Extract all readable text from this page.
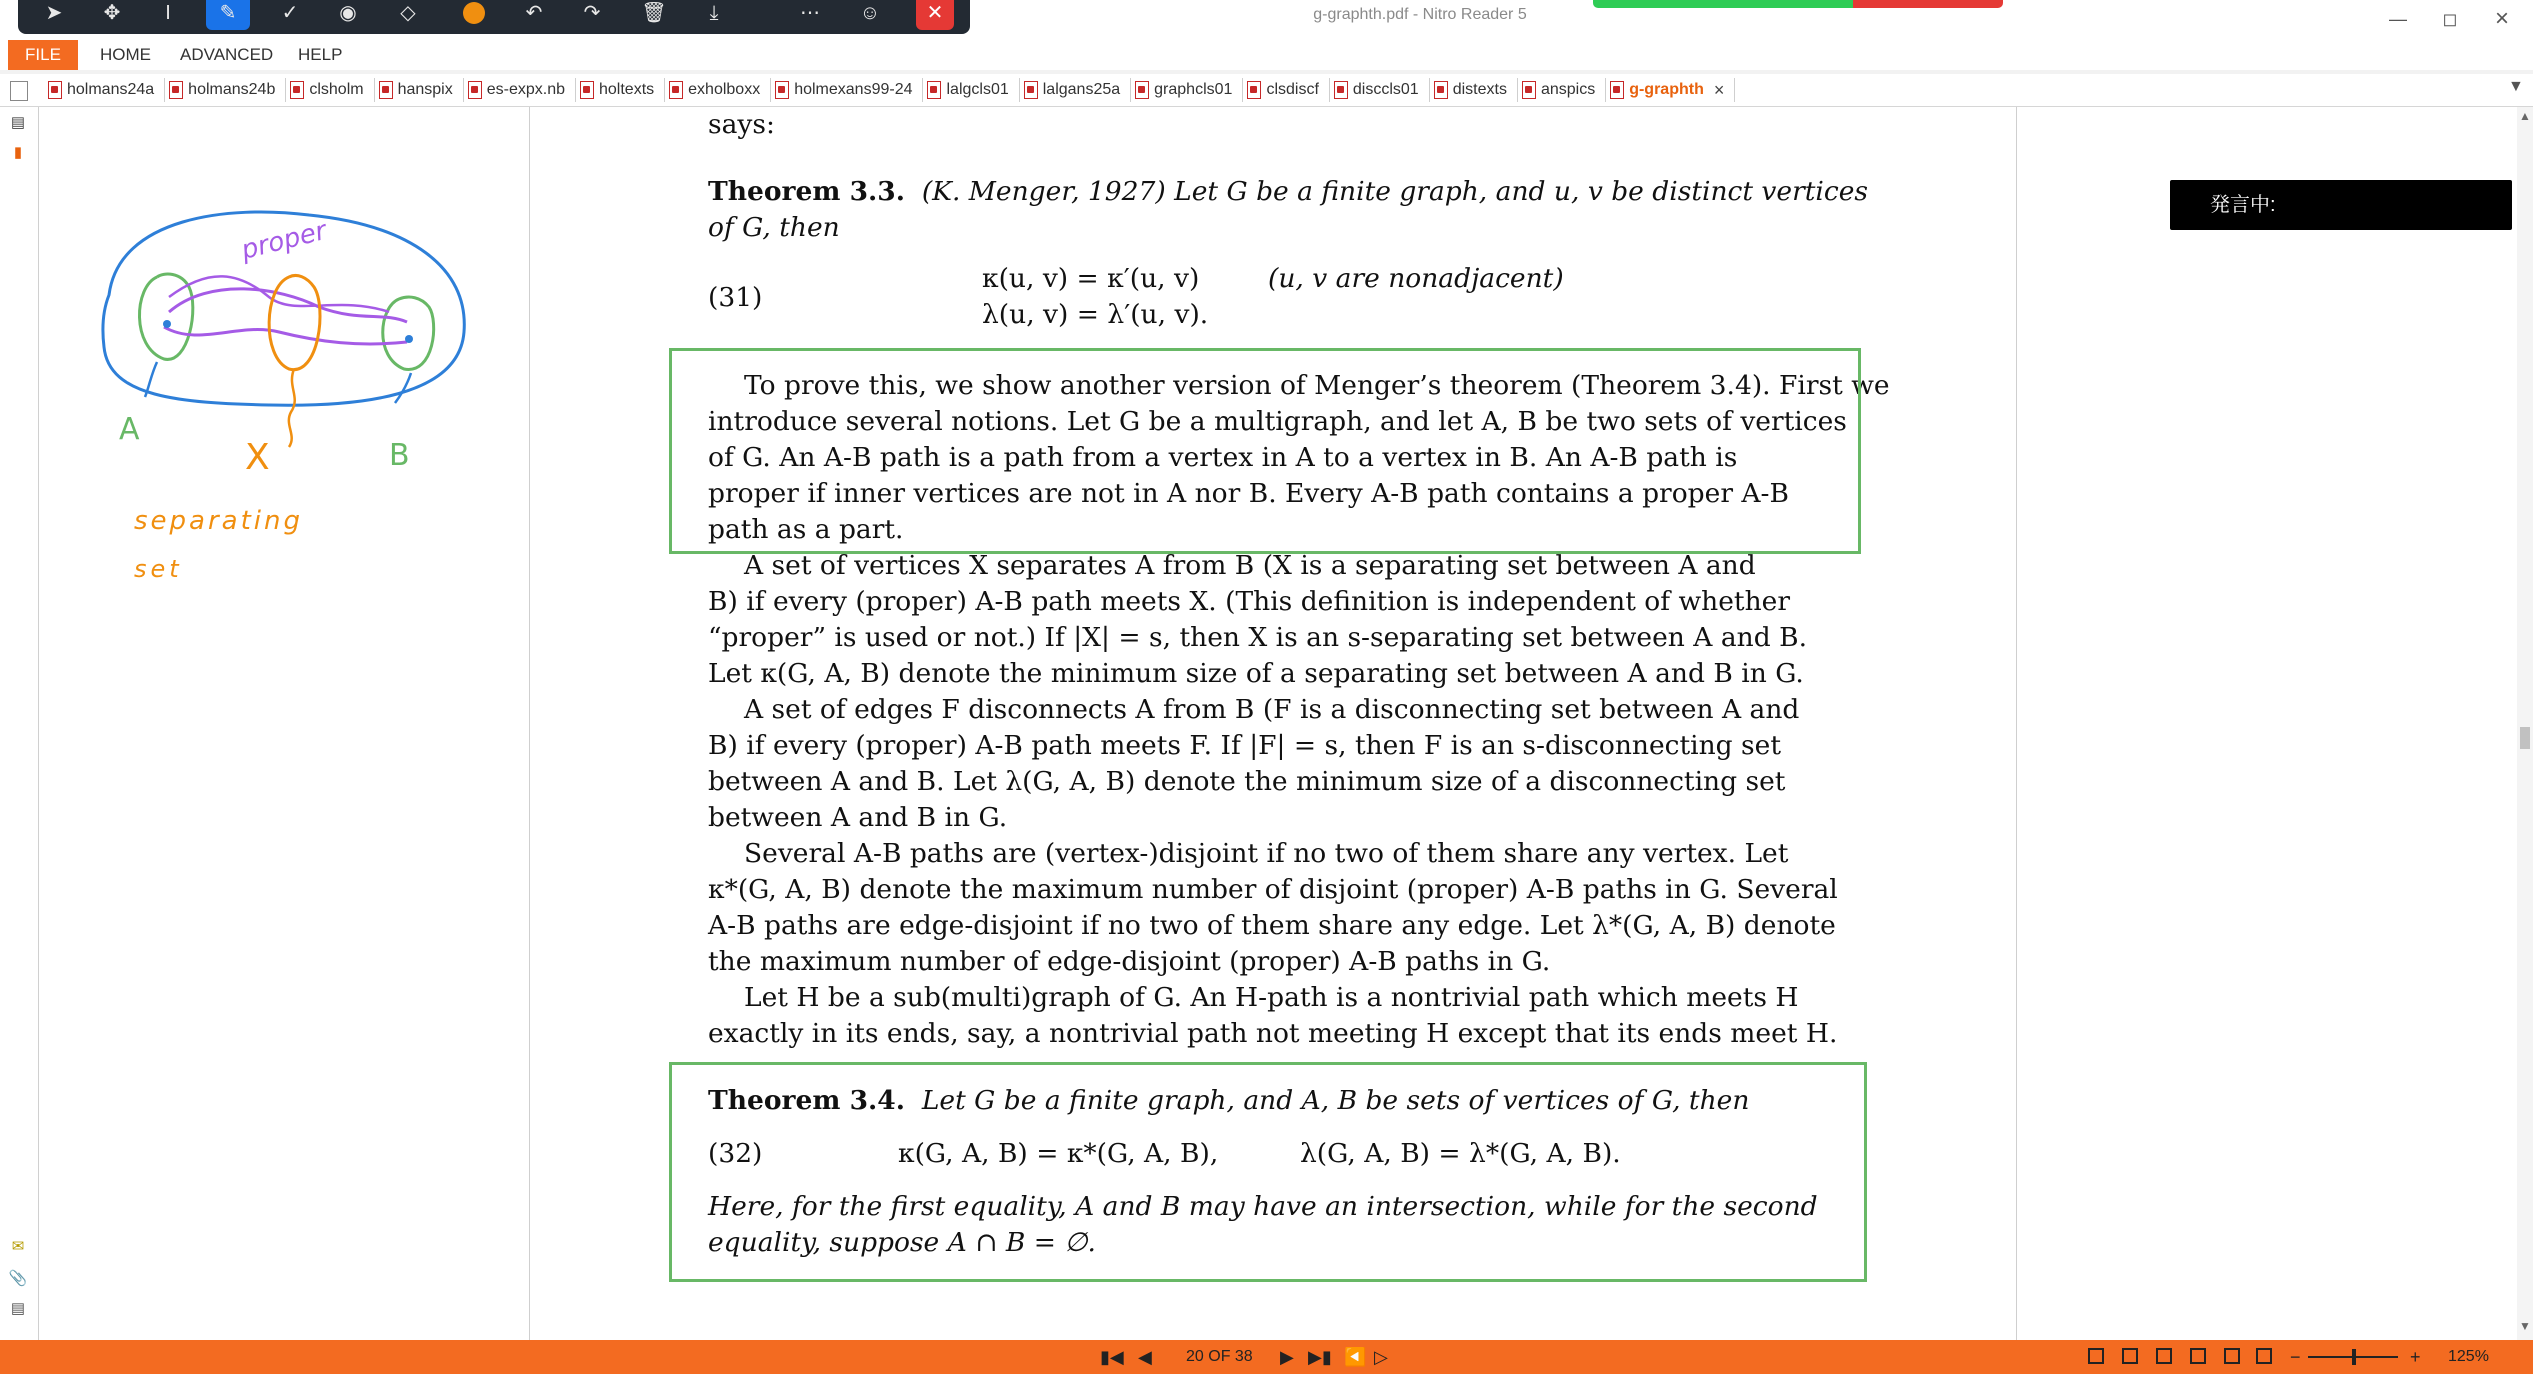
g-graphth.pdf - Nitro Reader 5	—	◻	×
➤	✥	I	✎	✓	◉	◇	↶	↷	🗑	⤓	⋯	☺	✕
FILE	HOME ADVANCED HELP
holmans24a holmans24b clsholm hanspix es-expx.nb holtexts exholboxx holmexans99-24 lalgcls01 lalgans25a graphcls01 clsdiscf disccls01 distexts anspics g-graphth ×	▼
▤
▮
✉
📎
▤
proper
A
X	B
separating
set
says:
Theorem 3.3. (K. Menger, 1927) Let G be a finite graph, and u, v be distinct vertices
of G, then
(31)
κ(u, v) = κ′(u, v)	(u, v are nonadjacent)
λ(u, v) = λ′(u, v).
To prove this, we show another version of Menger’s theorem (Theorem 3.4). First we
introduce several notions. Let G be a multigraph, and let A, B be two sets of vertices
of G. An A-B path is a path from a vertex in A to a vertex in B. An A-B path is
proper if inner vertices are not in A nor B. Every A-B path contains a proper A-B
path as a part.
A set of vertices X separates A from B (X is a separating set between A and
B) if every (proper) A-B path meets X. (This definition is independent of whether
“proper” is used or not.) If |X| = s, then X is an s-separating set between A and B.
Let κ(G, A, B) denote the minimum size of a separating set between A and B in G.
A set of edges F disconnects A from B (F is a disconnecting set between A and
B) if every (proper) A-B path meets F. If |F| = s, then F is an s-disconnecting set
between A and B. Let λ(G, A, B) denote the minimum size of a disconnecting set
between A and B in G.
Several A-B paths are (vertex-)disjoint if no two of them share any vertex. Let
κ*(G, A, B) denote the maximum number of disjoint (proper) A-B paths in G. Several
A-B paths are edge-disjoint if no two of them share any edge. Let λ*(G, A, B) denote
the maximum number of edge-disjoint (proper) A-B paths in G.
Let H be a sub(multi)graph of G. An H-path is a nontrivial path which meets H
exactly in its ends, say, a nontrivial path not meeting H except that its ends meet H.
Theorem 3.4. Let G be a finite graph, and A, B be sets of vertices of G, then
(32)	κ(G, A, B) = κ*(G, A, B),	λ(G, A, B) = λ*(G, A, B).
Here, for the first equality, A and B may have an intersection, while for the second
equality, suppose A ∩ B = ∅.
発言中:
▲
▼
▮◀ ◀ 20 OF 38 ▶ ▶▮ ◀️ ▷	−	+ 125%
